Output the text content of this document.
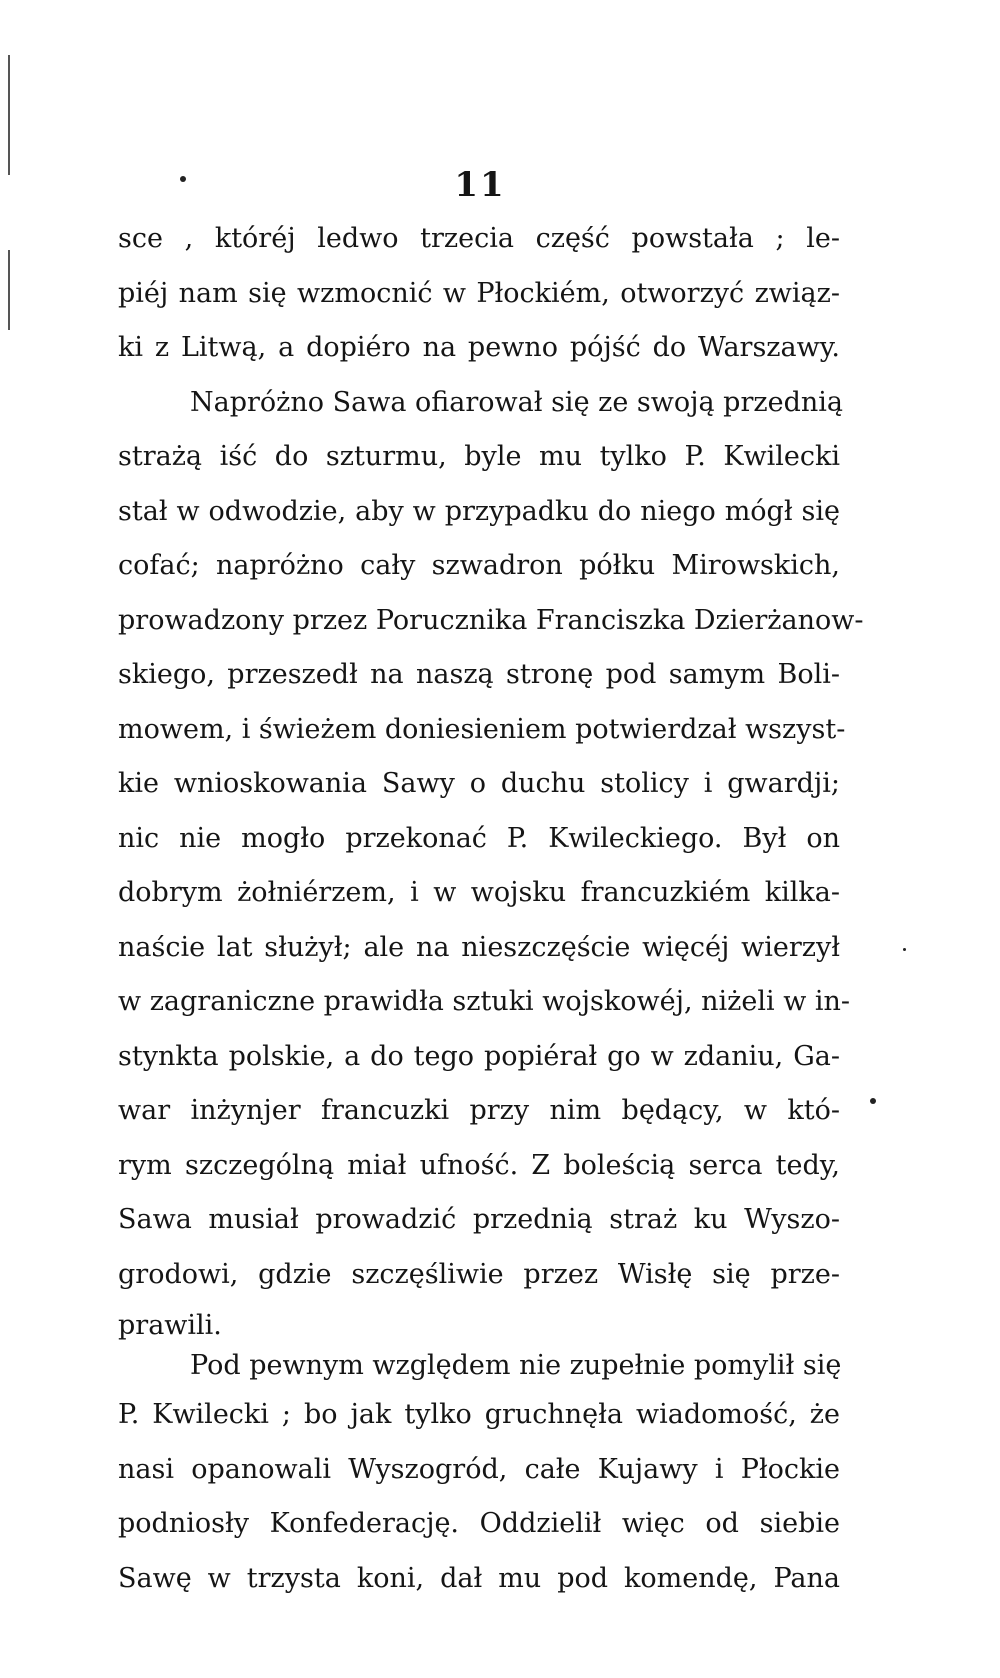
11
sce , któréj ledwo trzecia część powstała ; le-
piéj nam się wzmocnić w Płockiém, otworzyć związ-
ki z Litwą, a dopiéro na pewno pójść do Warszawy.
Napróżno Sawa ofiarował się ze swoją przednią
strażą iść do szturmu, byle mu tylko P. Kwilecki
stał w odwodzie, aby w przypadku do niego mógł się
cofać; napróżno cały szwadron półku Mirowskich,
prowadzony przez Porucznika Franciszka Dzierżanow-
skiego, przeszedł na naszą stronę pod samym Boli-
mowem, i świeżem doniesieniem potwierdzał wszyst-
kie wnioskowania Sawy o duchu stolicy i gwardji;
nic nie mogło przekonać P. Kwileckiego. Był on
dobrym żołniérzem, i w wojsku francuzkiém kilka-
naście lat służył; ale na nieszczęście więcéj wierzył
w zagraniczne prawidła sztuki wojskowéj, niżeli w in-
stynkta polskie, a do tego popiérał go w zdaniu, Ga-
war inżynjer francuzki przy nim będący, w któ-
rym szczególną miał ufność. Z boleścią serca tedy,
Sawa musiał prowadzić przednią straż ku Wyszo-
grodowi, gdzie szczęśliwie przez Wisłę się prze-
prawili.
Pod pewnym względem nie zupełnie pomylił się
P. Kwilecki ; bo jak tylko gruchnęła wiadomość, że
nasi opanowali Wyszogród, całe Kujawy i Płockie
podniosły Konfederację. Oddzielił więc od siebie
Sawę w trzysta koni, dał mu pod komendę, Pana
